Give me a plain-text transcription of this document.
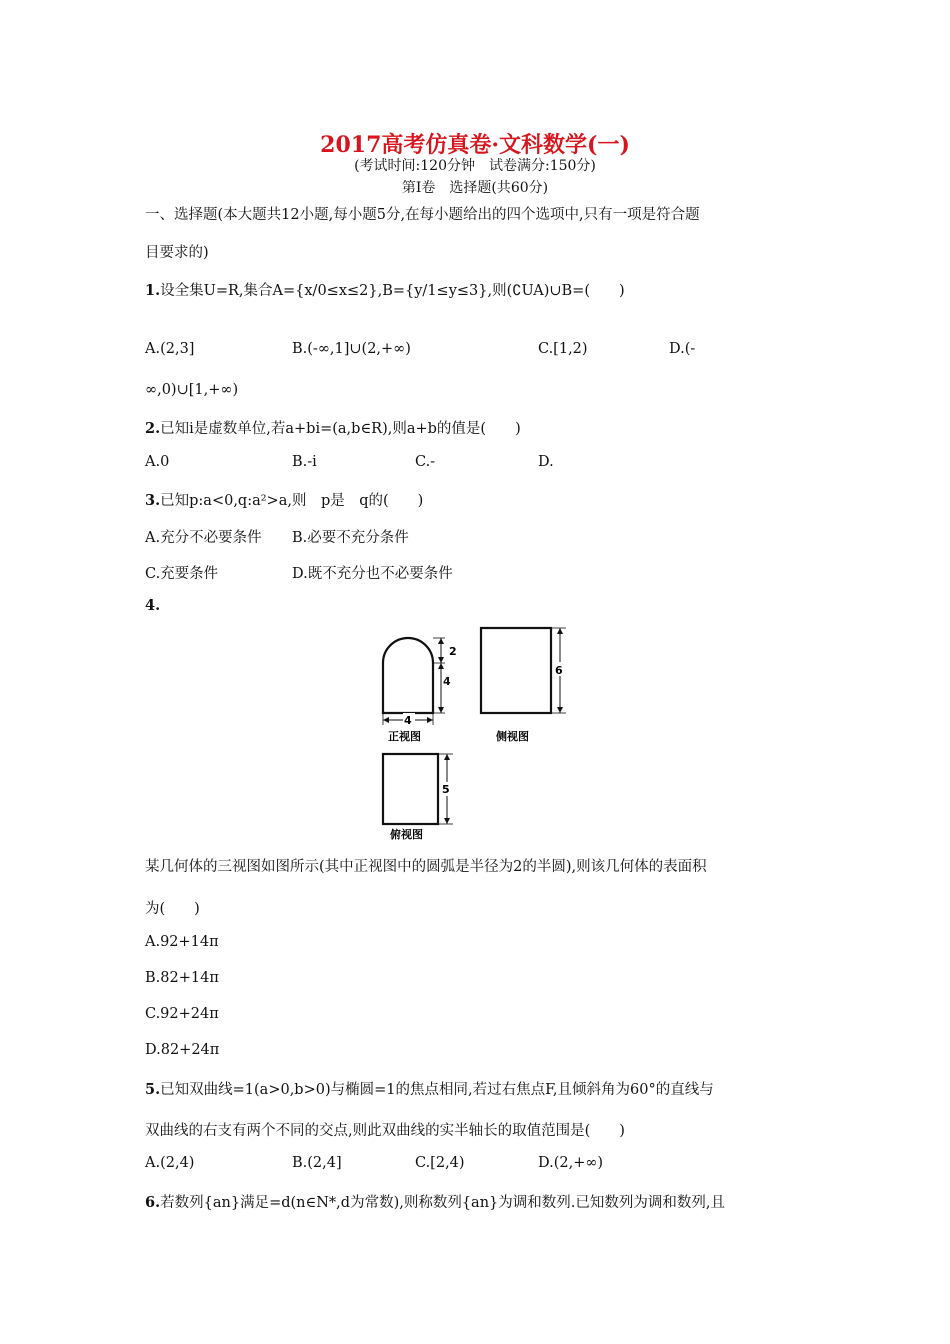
2017高考仿真卷·文科数学(一)
(考试时间:120分钟　试卷满分:150分)
第Ⅰ卷　选择题(共60分)
一、选择题(本大题共12小题,每小题5分,在每小题给出的四个选项中,只有一项是符合题
目要求的)
1.设全集U=R,集合A={x/0≤x≤2},B={y/1≤y≤3},则(∁UA)∪B=(　　)
A.(2,3]	B.(-∞,1]∪(2,+∞)	C.[1,2)	D.(-
∞,0)∪[1,+∞)
2.已知i是虚数单位,若a+bi=(a,b∈R),则a+b的值是(　　)
A.0	B.-i	C.-	D.
3.已知p:a<0,q:a²>a,则　p是　q的(　　)
A.充分不必要条件 B.必要不充分条件
C.充要条件	D.既不充分也不必要条件
4.
2
4
4
正视图
6
侧视图
5
俯视图
某几何体的三视图如图所示(其中正视图中的圆弧是半径为2的半圆),则该几何体的表面积
为(　　)
A.92+14π
B.82+14π
C.92+24π
D.82+24π
5.已知双曲线=1(a>0,b>0)与椭圆=1的焦点相同,若过右焦点F,且倾斜角为60°的直线与
双曲线的右支有两个不同的交点,则此双曲线的实半轴长的取值范围是(　　)
A.(2,4)	B.(2,4]	C.[2,4)	D.(2,+∞)
6.若数列{an}满足=d(n∈N*,d为常数),则称数列{an}为调和数列.已知数列为调和数列,且
